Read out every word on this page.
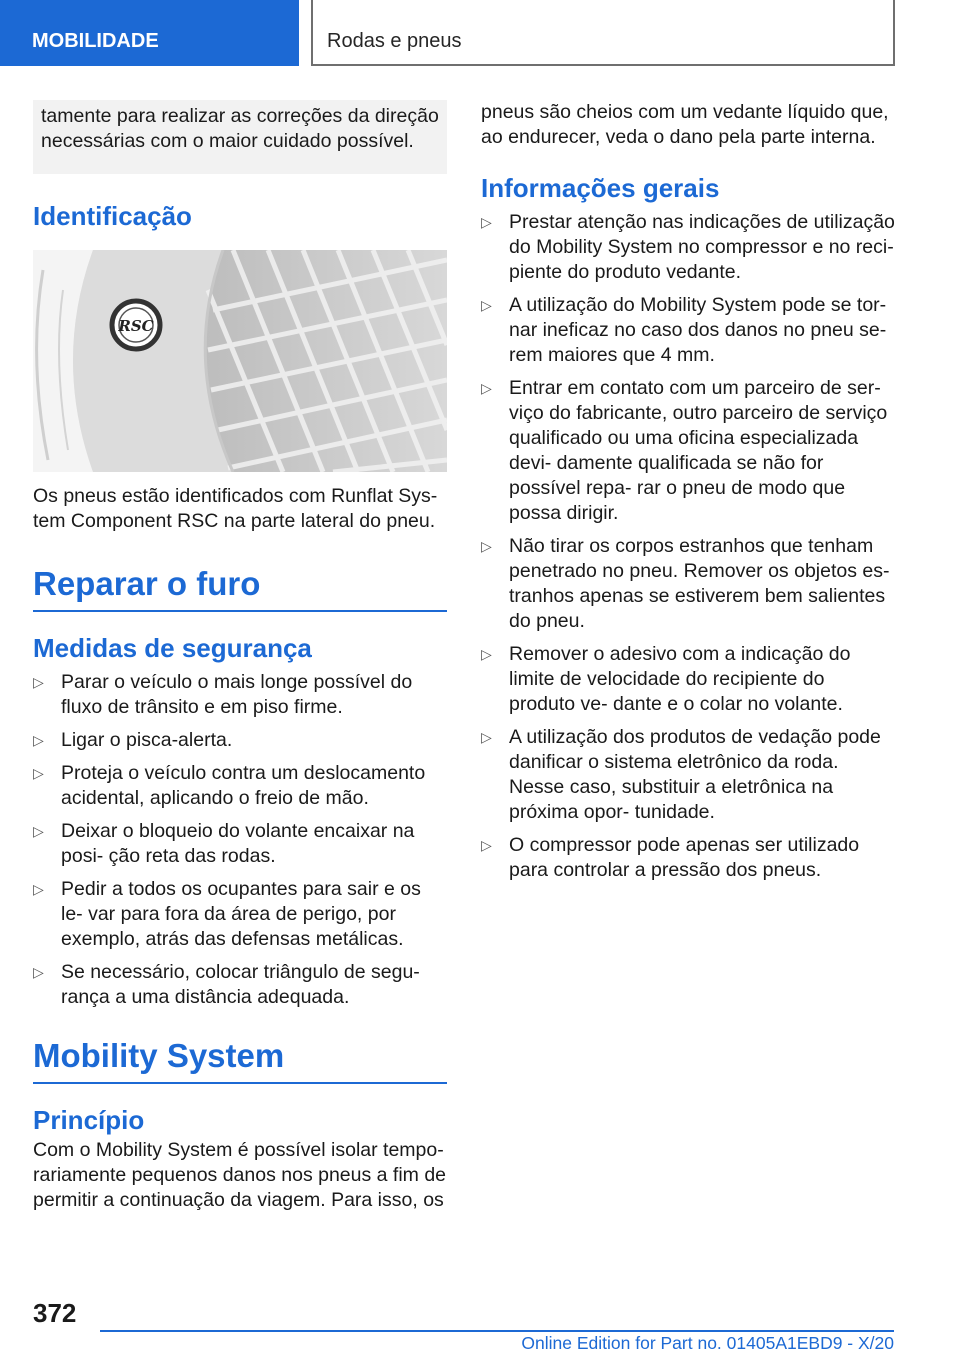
MOBILIDADE	Rodas e pneus

tamente para realizar as correções da direção necessárias com o maior cuidado possível.

Identificação
RSC

Os pneus estão identificados com Runflat Sys‐ tem Component RSC na parte lateral do pneu.

Reparar o furo
Medidas de segurança
▷ Parar o veículo o mais longe possível do fluxo de trânsito e em piso firme.
▷ Ligar o pisca-alerta.
▷ Proteja o veículo contra um deslocamento acidental, aplicando o freio de mão.
▷ Deixar o bloqueio do volante encaixar na posi‐ ção reta das rodas.
▷ Pedir a todos os ocupantes para sair e os le‐ var para fora da área de perigo, por exemplo, atrás das defensas metálicas.
▷ Se necessário, colocar triângulo de segu‐ rança a uma distância adequada.
Mobility System
Princípio

Com o Mobility System é possível isolar tempo‐ rariamente pequenos danos nos pneus a fim de permitir a continuação da viagem. Para isso, os

pneus são cheios com um vedante líquido que, ao endurecer, veda o dano pela parte interna.

Informações gerais
▷ Prestar atenção nas indicações de utilização do Mobility System no compressor e no reci‐ piente do produto vedante.
▷ A utilização do Mobility System pode se tor‐ nar ineficaz no caso dos danos no pneu se‐ rem maiores que 4 mm.
▷ Entrar em contato com um parceiro de ser‐ viço do fabricante, outro parceiro de serviço qualificado ou uma oficina especializada devi‐ damente qualificada se não for possível repa‐ rar o pneu de modo que possa dirigir.
▷ Não tirar os corpos estranhos que tenham penetrado no pneu. Remover os objetos es‐ tranhos apenas se estiverem bem salientes do pneu.
▷ Remover o adesivo com a indicação do limite de velocidade do recipiente do produto ve‐ dante e o colar no volante.
▷ A utilização dos produtos de vedação pode danificar o sistema eletrônico da roda. Nesse caso, substituir a eletrônica na próxima opor‐ tunidade.
▷ O compressor pode apenas ser utilizado para controlar a pressão dos pneus.
372
Online Edition for Part no. 01405A1EBD9 - X/20
